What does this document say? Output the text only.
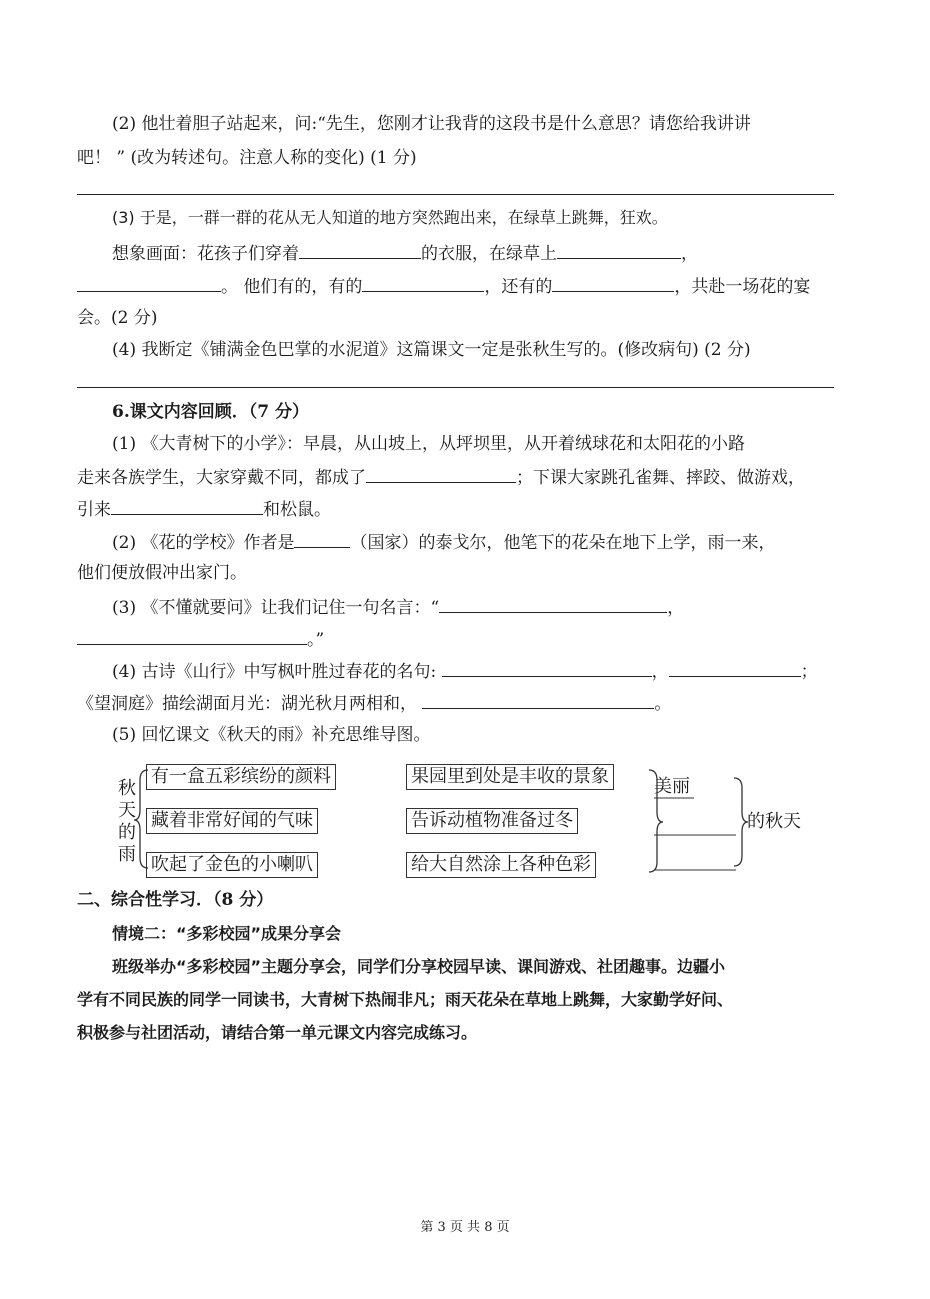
(2) 他壮着胆子站起来，问:“先生，您刚才让我背的这段书是什么意思？请您给我讲讲
吧！ ” (改为转述句。注意人称的变化) (1 分)
(3) 于是，一群一群的花从无人知道的地方突然跑出来，在绿草上跳舞，狂欢。
想象画面：花孩子们穿着	的衣服，在绿草上	，
。 他们有的，有的	，还有的	，共赴一场花的宴
会。(2 分)
(4) 我断定《铺满金色巴掌的水泥道》这篇课文一定是张秋生写的。(修改病句) (2 分)
6.课文内容回顾．（7 分）
(1) 《大青树下的小学》：早晨，从山坡上，从坪坝里，从开着绒球花和太阳花的小路
走来各族学生，大家穿戴不同，都成了	；下课大家跳孔雀舞、摔跤、做游戏，
引来	和松鼠。
(2) 《花的学校》作者是	（国家）的泰戈尔，他笔下的花朵在地下上学，雨一来，
他们便放假冲出家门。
(3) 《不懂就要问》让我们记住一句名言：“	，
。”
(4) 古诗《山行》中写枫叶胜过春花的名句:	，	；
《望洞庭》描绘湖面月光：湖光秋月两相和，	。
(5) 回忆课文《秋天的雨》补充思维导图。
秋
天
的
雨
有一盒五彩缤纷的颜料
藏着非常好闻的气味
吹起了金色的小喇叭
果园里到处是丰收的景象
告诉动植物准备过冬
给大自然涂上各种色彩
美丽
的秋天
二、综合性学习．（8 分）
情境二：“多彩校园”成果分享会
班级举办“多彩校园”主题分享会，同学们分享校园早读、课间游戏、社团趣事。边疆小
学有不同民族的同学一同读书，大青树下热闹非凡；雨天花朵在草地上跳舞，大家勤学好问、
积极参与社团活动，请结合第一单元课文内容完成练习。
第 3 页 共 8 页
